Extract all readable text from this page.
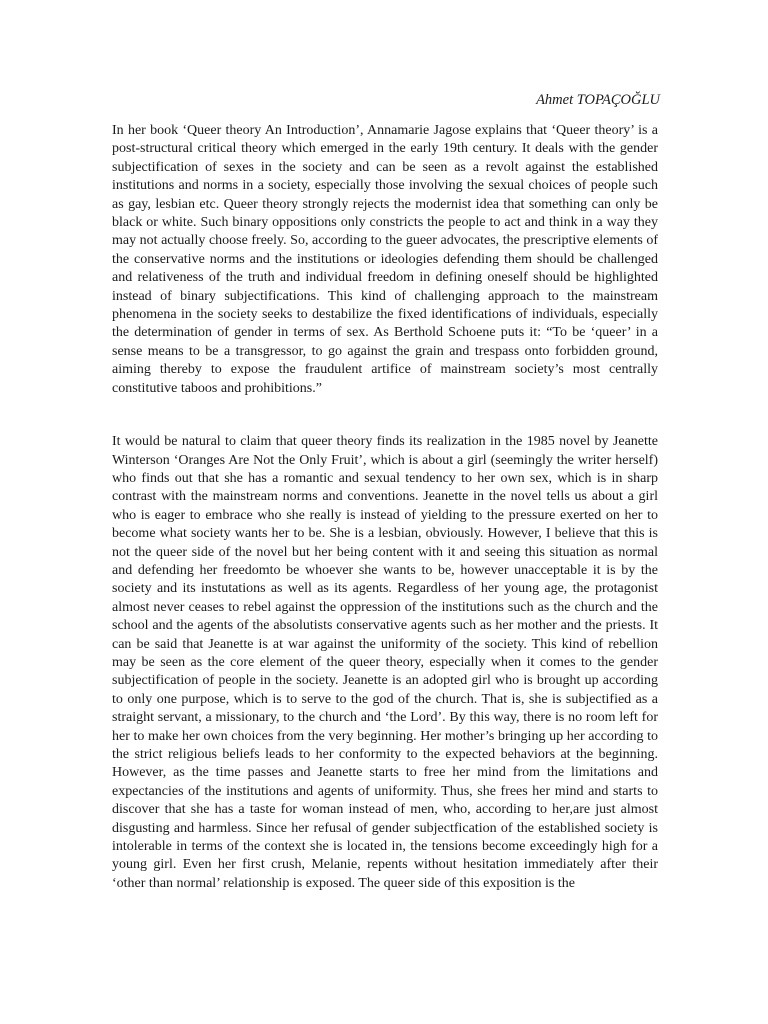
Ahmet TOPAÇOĞLU

In her book ‘Queer theory An Introduction’, Annamarie Jagose explains that ‘Queer theory’ is a post-structural critical theory which emerged in the early 19th century. It deals with the gender subjectification of sexes in the society and can be seen as a revolt against the established institutions and norms in a society, especially those involving the sexual choices of people such as gay, lesbian etc. Queer theory strongly rejects the modernist idea that something can only be black or white. Such binary oppositions only constricts the people to act and think in a way they may not actually choose freely. So, according to the gueer advocates, the prescriptive elements of the conservative norms and the institutions or ideologies defending them should be challenged and relativeness of the truth and individual freedom in defining oneself should be highlighted instead of binary subjectifications. This kind of challenging approach to the mainstream phenomena in the society seeks to destabilize the fixed identifications of individuals, especially the determination of gender in terms of sex. As Berthold Schoene puts it: “To be ‘queer’ in a sense means to be a transgressor, to go against the grain and trespass onto forbidden ground, aiming thereby to expose the fraudulent artifice of mainstream society’s most centrally constitutive taboos and prohibitions.”

It would be natural to claim that queer theory finds its realization in the 1985 novel by Jeanette Winterson ‘Oranges Are Not the Only Fruit’, which is about a girl (seemingly the writer herself) who finds out that she has a romantic and sexual tendency to her own sex, which is in sharp contrast with the mainstream norms and conventions. Jeanette in the novel tells us about a girl who is eager to embrace who she really is instead of yielding to the pressure exerted on her to become what society wants her to be. She is a lesbian, obviously. However, I believe that this is not the queer side of the novel but her being content with it and seeing this situation as normal and defending her freedomto be whoever she wants to be, however unacceptable it is by the society and its instutations as well as its agents. Regardless of her young age, the protagonist almost never ceases to rebel against the oppression of the institutions such as the church and the school and the agents of the absolutists conservative agents such as her mother and the priests. It can be said that Jeanette is at war against the uniformity of the society. This kind of rebellion may be seen as the core element of the queer theory, especially when it comes to the gender subjectification of people in the society. Jeanette is an adopted girl who is brought up according to only one purpose, which is to serve to the god of the church. That is, she is subjectified as a straight servant, a missionary, to the church and ‘the Lord’. By this way, there is no room left for her to make her own choices from the very beginning. Her mother’s bringing up her according to the strict religious beliefs leads to her conformity to the expected behaviors at the beginning. However, as the time passes and Jeanette starts to free her mind from the limitations and expectancies of the institutions and agents of uniformity. Thus, she frees her mind and starts to discover that she has a taste for woman instead of men, who, according to her,are just almost disgusting and harmless. Since her refusal of gender subjectfication of the established society is intolerable in terms of the context she is located in, the tensions become exceedingly high for a young girl. Even her first crush, Melanie, repents without hesitation immediately after their ‘other than normal’ relationship is exposed. The queer side of this exposition is the
